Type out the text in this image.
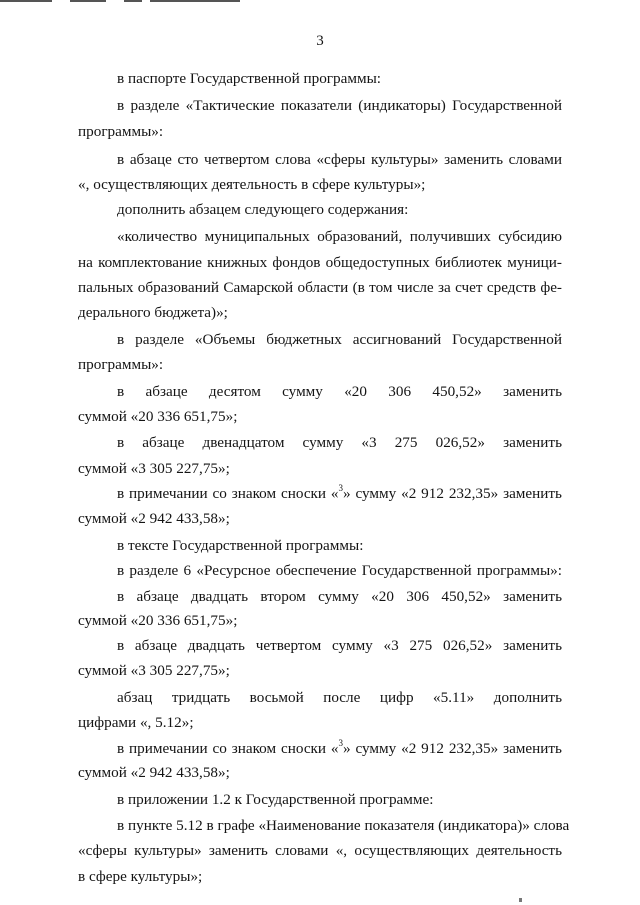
3
в паспорте Государственной программы:
в разделе «Тактические показатели (индикаторы) Государственной
программы»:
в абзаце сто четвертом слова «сферы культуры» заменить словами
«, осуществляющих деятельность в сфере культуры»;
дополнить абзацем следующего содержания:
«количество муниципальных образований, получивших субсидию
на комплектование книжных фондов общедоступных библиотек муници-
пальных образований Самарской области (в том числе за счет средств фе-
дерального бюджета)»;
в разделе «Объемы бюджетных ассигнований Государственной
программы»:
в абзаце десятом сумму «20 306 450,52» заменить
суммой «20 336 651,75»;
в абзаце двенадцатом сумму «3 275 026,52» заменить
суммой «3 305 227,75»;
в примечании со знаком сноски «$^3$» сумму «2 912 232,35» заменить
суммой «2 942 433,58»;
в тексте Государственной программы:
в разделе 6 «Ресурсное обеспечение Государственной программы»:
в абзаце двадцать втором сумму «20 306 450,52» заменить
суммой «20 336 651,75»;
в абзаце двадцать четвертом сумму «3 275 026,52» заменить
суммой «3 305 227,75»;
абзац тридцать восьмой после цифр «5.11» дополнить
цифрами «, 5.12»;
в примечании со знаком сноски «$^3$» сумму «2 912 232,35» заменить
суммой «2 942 433,58»;
в приложении 1.2 к Государственной программе:
в пункте 5.12 в графе «Наименование показателя (индикатора)» слова
«сферы культуры» заменить словами «, осуществляющих деятельность
в сфере культуры»;
